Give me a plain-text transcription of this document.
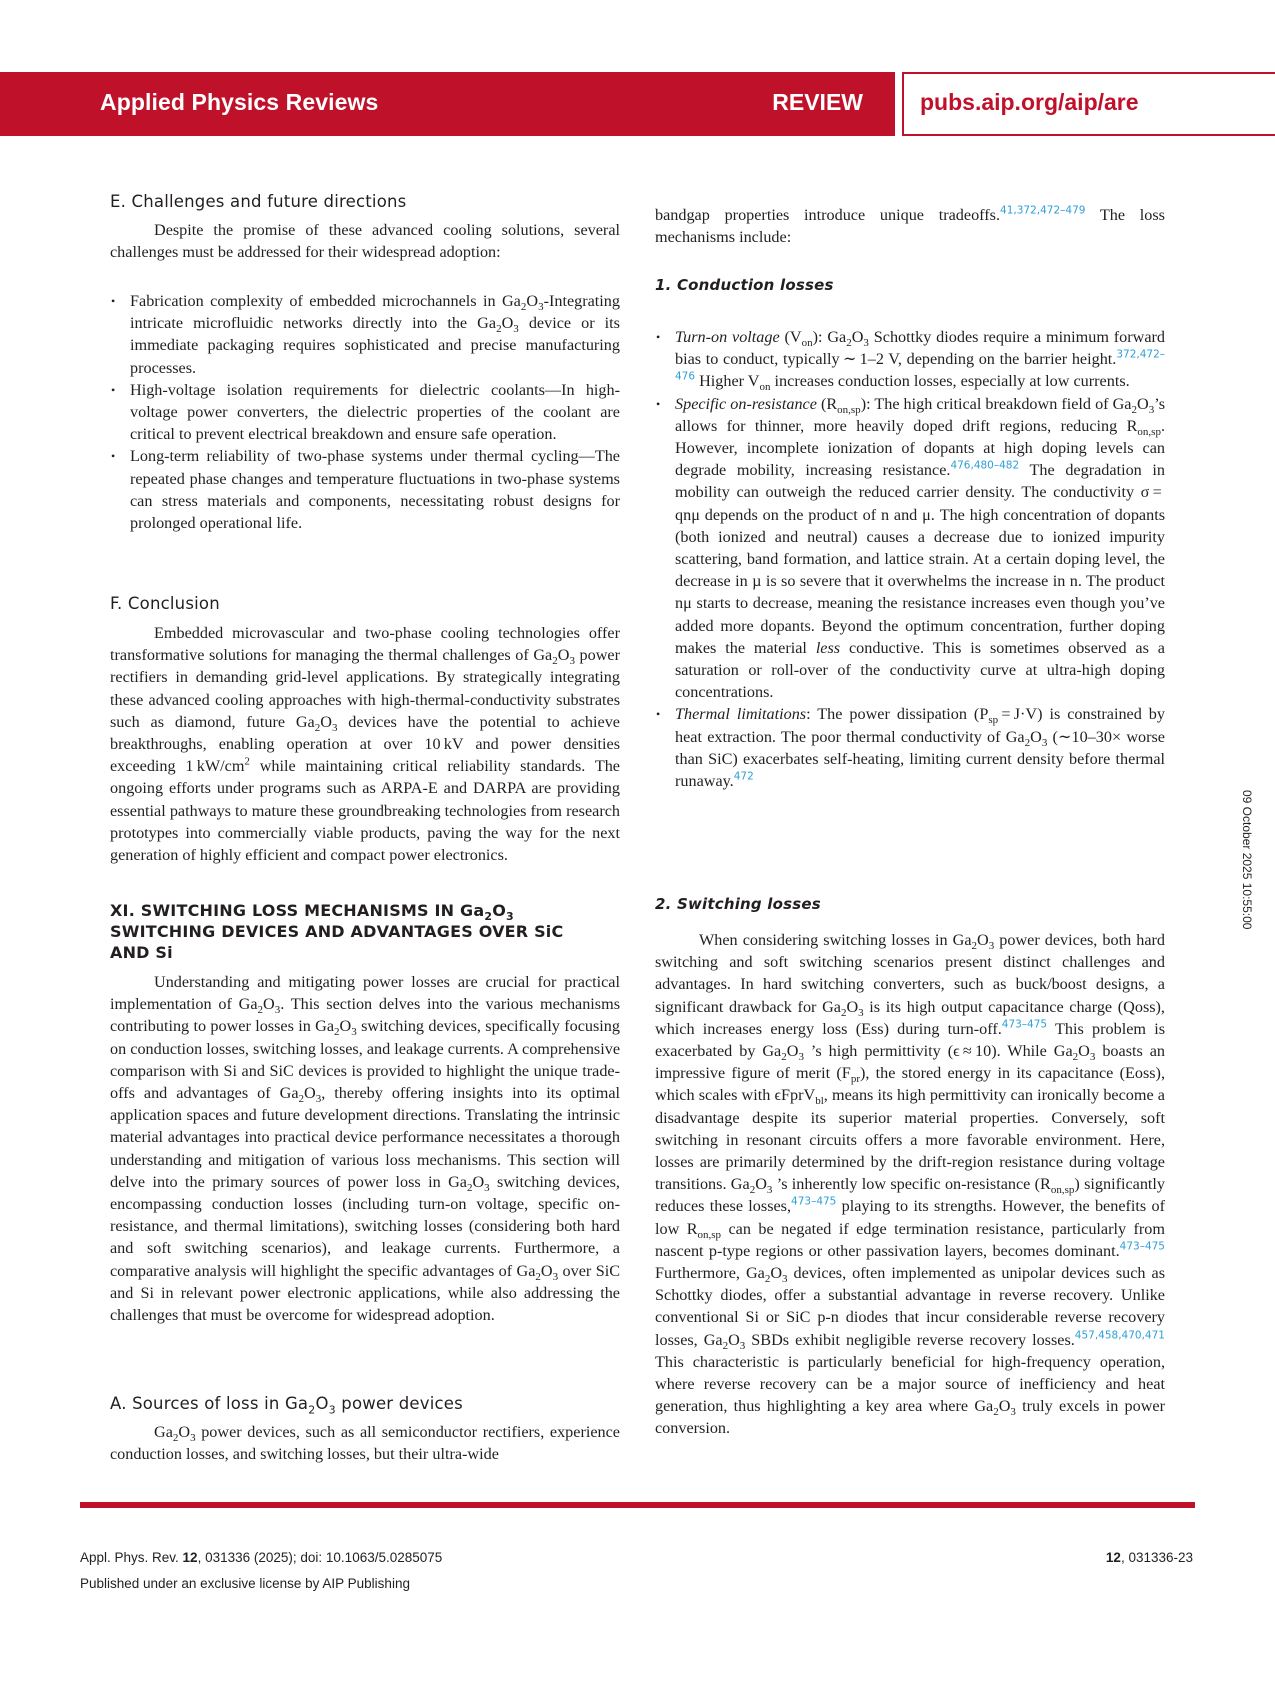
Applied Physics Reviews	REVIEW pubs.aip.org/aip/are
E. Challenges and future directions

Despite the promise of these advanced cooling solutions, several challenges must be addressed for their widespread adoption:

• Fabrication complexity of embedded microchannels in $Ga_2O_3$-Integrating intricate microfluidic networks directly into the $Ga_2O_3$ device or its immediate packaging requires sophisticated and precise manufacturing processes.
• High-voltage isolation requirements for dielectric coolants—In high-voltage power converters, the dielectric properties of the coolant are critical to prevent electrical breakdown and ensure safe operation.
• Long-term reliability of two-phase systems under thermal cycling—The repeated phase changes and temperature fluctuations in two-phase systems can stress materials and components, necessitating robust designs for prolonged operational life.
F. Conclusion

Embedded microvascular and two-phase cooling technologies offer transformative solutions for managing the thermal challenges of $Ga_2O_3$ power rectifiers in demanding grid-level applications. By strategically integrating these advanced cooling approaches with high-thermal-conductivity substrates such as diamond, future $Ga_2O_3$ devices have the potential to achieve breakthroughs, enabling operation at over 10 kV and power densities exceeding 1 $kW/cm^2$ while maintaining critical reliability standards. The ongoing efforts under programs such as ARPA-E and DARPA are providing essential pathways to mature these groundbreaking technologies from research prototypes into commercially viable products, paving the way for the next generation of highly efficient and compact power electronics.

XI. SWITCHING LOSS MECHANISMS IN $Ga_2O_3$
SWITCHING DEVICES AND ADVANTAGES OVER SiC
AND Si

Understanding and mitigating power losses are crucial for practical implementation of $Ga_2O_3$. This section delves into the various mechanisms contributing to power losses in $Ga_2O_3$ switching devices, specifically focusing on conduction losses, switching losses, and leakage currents. A comprehensive comparison with Si and SiC devices is provided to highlight the unique trade-offs and advantages of $Ga_2O_3$, thereby offering insights into its optimal application spaces and future development directions. Translating the intrinsic material advantages into practical device performance necessitates a thorough understanding and mitigation of various loss mechanisms. This section will delve into the primary sources of power loss in $Ga_2O_3$ switching devices, encompassing conduction losses (including turn-on voltage, specific on-resistance, and thermal limitations), switching losses (considering both hard and soft switching scenarios), and leakage currents. Furthermore, a comparative analysis will highlight the specific advantages of $Ga_2O_3$ over SiC and Si in relevant power electronic applications, while also addressing the challenges that must be overcome for widespread adoption.

A. Sources of loss in $Ga_2O_3$ power devices

$Ga_2O_3$ power devices, such as all semiconductor rectifiers, experience conduction losses, and switching losses, but their ultra-wide

bandgap properties introduce unique tradeoffs.$^{41,372,472-479}$ The loss mechanisms include:

1. Conduction losses
• Turn-on voltage $(V_{on})$: $Ga_2O_3$ Schottky diodes require a minimum forward bias to conduct, typically ∼ 1–2 V, depending on the barrier height.$^{372,472-476}$ Higher $V_{on}$ increases conduction losses, especially at low currents.
• Specific on-resistance $(R_{on,sp})$: The high critical breakdown field of $Ga_2O_3’s$ allows for thinner, more heavily doped drift regions, reducing $R_{on,sp}$. However, incomplete ionization of dopants at high doping levels can degrade mobility, increasing resistance.$^{476,480-482}$ The degradation in mobility can outweigh the reduced carrier density. The conductivity σ = qnμ depends on the product of n and μ. The high concentration of dopants (both ionized and neutral) causes a decrease due to ionized impurity scattering, band formation, and lattice strain. At a certain doping level, the decrease in µ is so severe that it overwhelms the increase in n. The product nμ starts to decrease, meaning the resistance increases even though you’ve added more dopants. Beyond the optimum concentration, further doping makes the material less conductive. This is sometimes observed as a saturation or roll-over of the conductivity curve at ultra-high doping concentrations.
• Thermal limitations: The power dissipation $(P_{sp} = J\cdot V)$ is constrained by heat extraction. The poor thermal conductivity of $Ga_2O_3$ (∼10–30× worse than SiC) exacerbates self-heating, limiting current density before thermal runaway.$^{472}$
2. Switching losses

When considering switching losses in $Ga_2O_3$ power devices, both hard switching and soft switching scenarios present distinct challenges and advantages. In hard switching converters, such as buck/boost designs, a significant drawback for $Ga_2O_3$ is its high output capacitance charge (Qoss), which increases energy loss (Ess) during turn-off.$^{473-475}$ This problem is exacerbated by $Ga_2O_3$ ’s high permittivity (ϵ ≈ 10). While $Ga_2O_3$ boasts an impressive figure of merit $(F_{pr})$, the stored energy in its capacitance (Eoss), which scales with ϵFprV$_{bl}$, means its high permittivity can ironically become a disadvantage despite its superior material properties. Conversely, soft switching in resonant circuits offers a more favorable environment. Here, losses are primarily determined by the drift-region resistance during voltage transitions. $Ga_2O_3$ ’s inherently low specific on-resistance $(R_{on,sp})$ significantly reduces these losses,$^{473-475}$ playing to its strengths. However, the benefits of low $R_{on,sp}$ can be negated if edge termination resistance, particularly from nascent p-type regions or other passivation layers, becomes dominant.$^{473-475}$ Furthermore, $Ga_2O_3$ devices, often implemented as unipolar devices such as Schottky diodes, offer a substantial advantage in reverse recovery. Unlike conventional Si or SiC p-n diodes that incur considerable reverse recovery losses, $Ga_2O_3$ SBDs exhibit negligible reverse recovery losses.$^{457,458,470,471}$ This characteristic is particularly beneficial for high-frequency operation, where reverse recovery can be a major source of inefficiency and heat generation, thus highlighting a key area where $Ga_2O_3$ truly excels in power conversion.

09 October 2025 10:55:00
Appl. Phys. Rev. 12, 031336 (2025); doi: 10.1063/5.0285075
Published under an exclusive license by AIP Publishing
12, 031336-23
